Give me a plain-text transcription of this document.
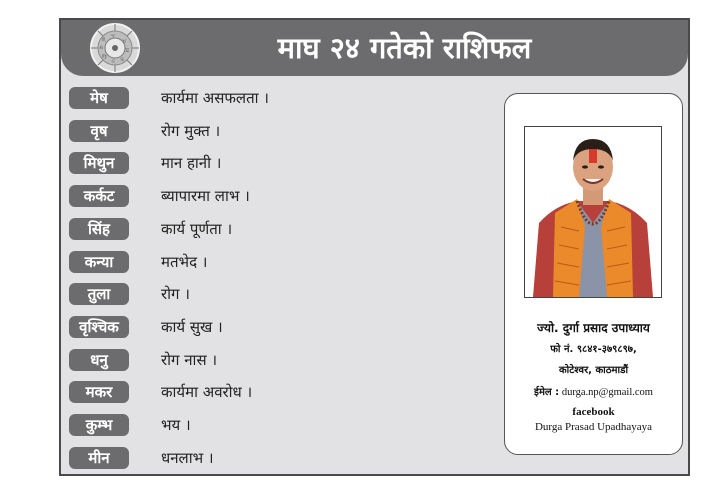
♈
♉
♊
♋
♌
♍
♎
♏	माघ २४ गतेको राशिफल
मेष	कार्यमा असफलता ।
वृष	रोग मुक्त ।
मिथुन	मान हानी ।
कर्कट	ब्यापारमा लाभ ।
सिंह	कार्य पूर्णता ।
कन्या	मतभेद ।
तुला	रोग ।
वृश्चिक	कार्य सुख ।
धनु	रोग नास ।
मकर	कार्यमा अवरोध ।
कुम्भ	भय ।
मीन	धनलाभ ।
ज्यो. दुर्गा प्रसाद उपाध्याय
फो नं. ९८४१-३७९८९७,
कोटेश्वर, काठमाडौं
ईमेल : durga.np@gmail.com
facebook
Durga Prasad Upadhayaya
